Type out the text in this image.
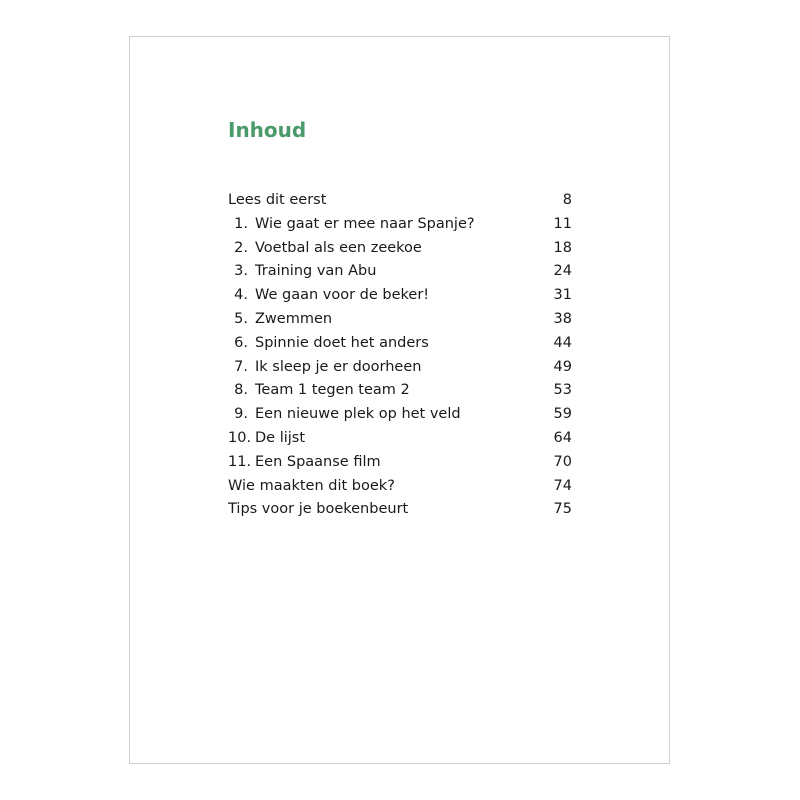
Inhoud
Lees dit eerst	8
1. Wie gaat er mee naar Spanje?	11
2. Voetbal als een zeekoe	18
3. Training van Abu	24
4. We gaan voor de beker!	31
5. Zwemmen	38
6. Spinnie doet het anders	44
7. Ik sleep je er doorheen	49
8. Team 1 tegen team 2	53
9. Een nieuwe plek op het veld	59
10. De lijst	64
11. Een Spaanse film	70
Wie maakten dit boek?	74
Tips voor je boekenbeurt	75
